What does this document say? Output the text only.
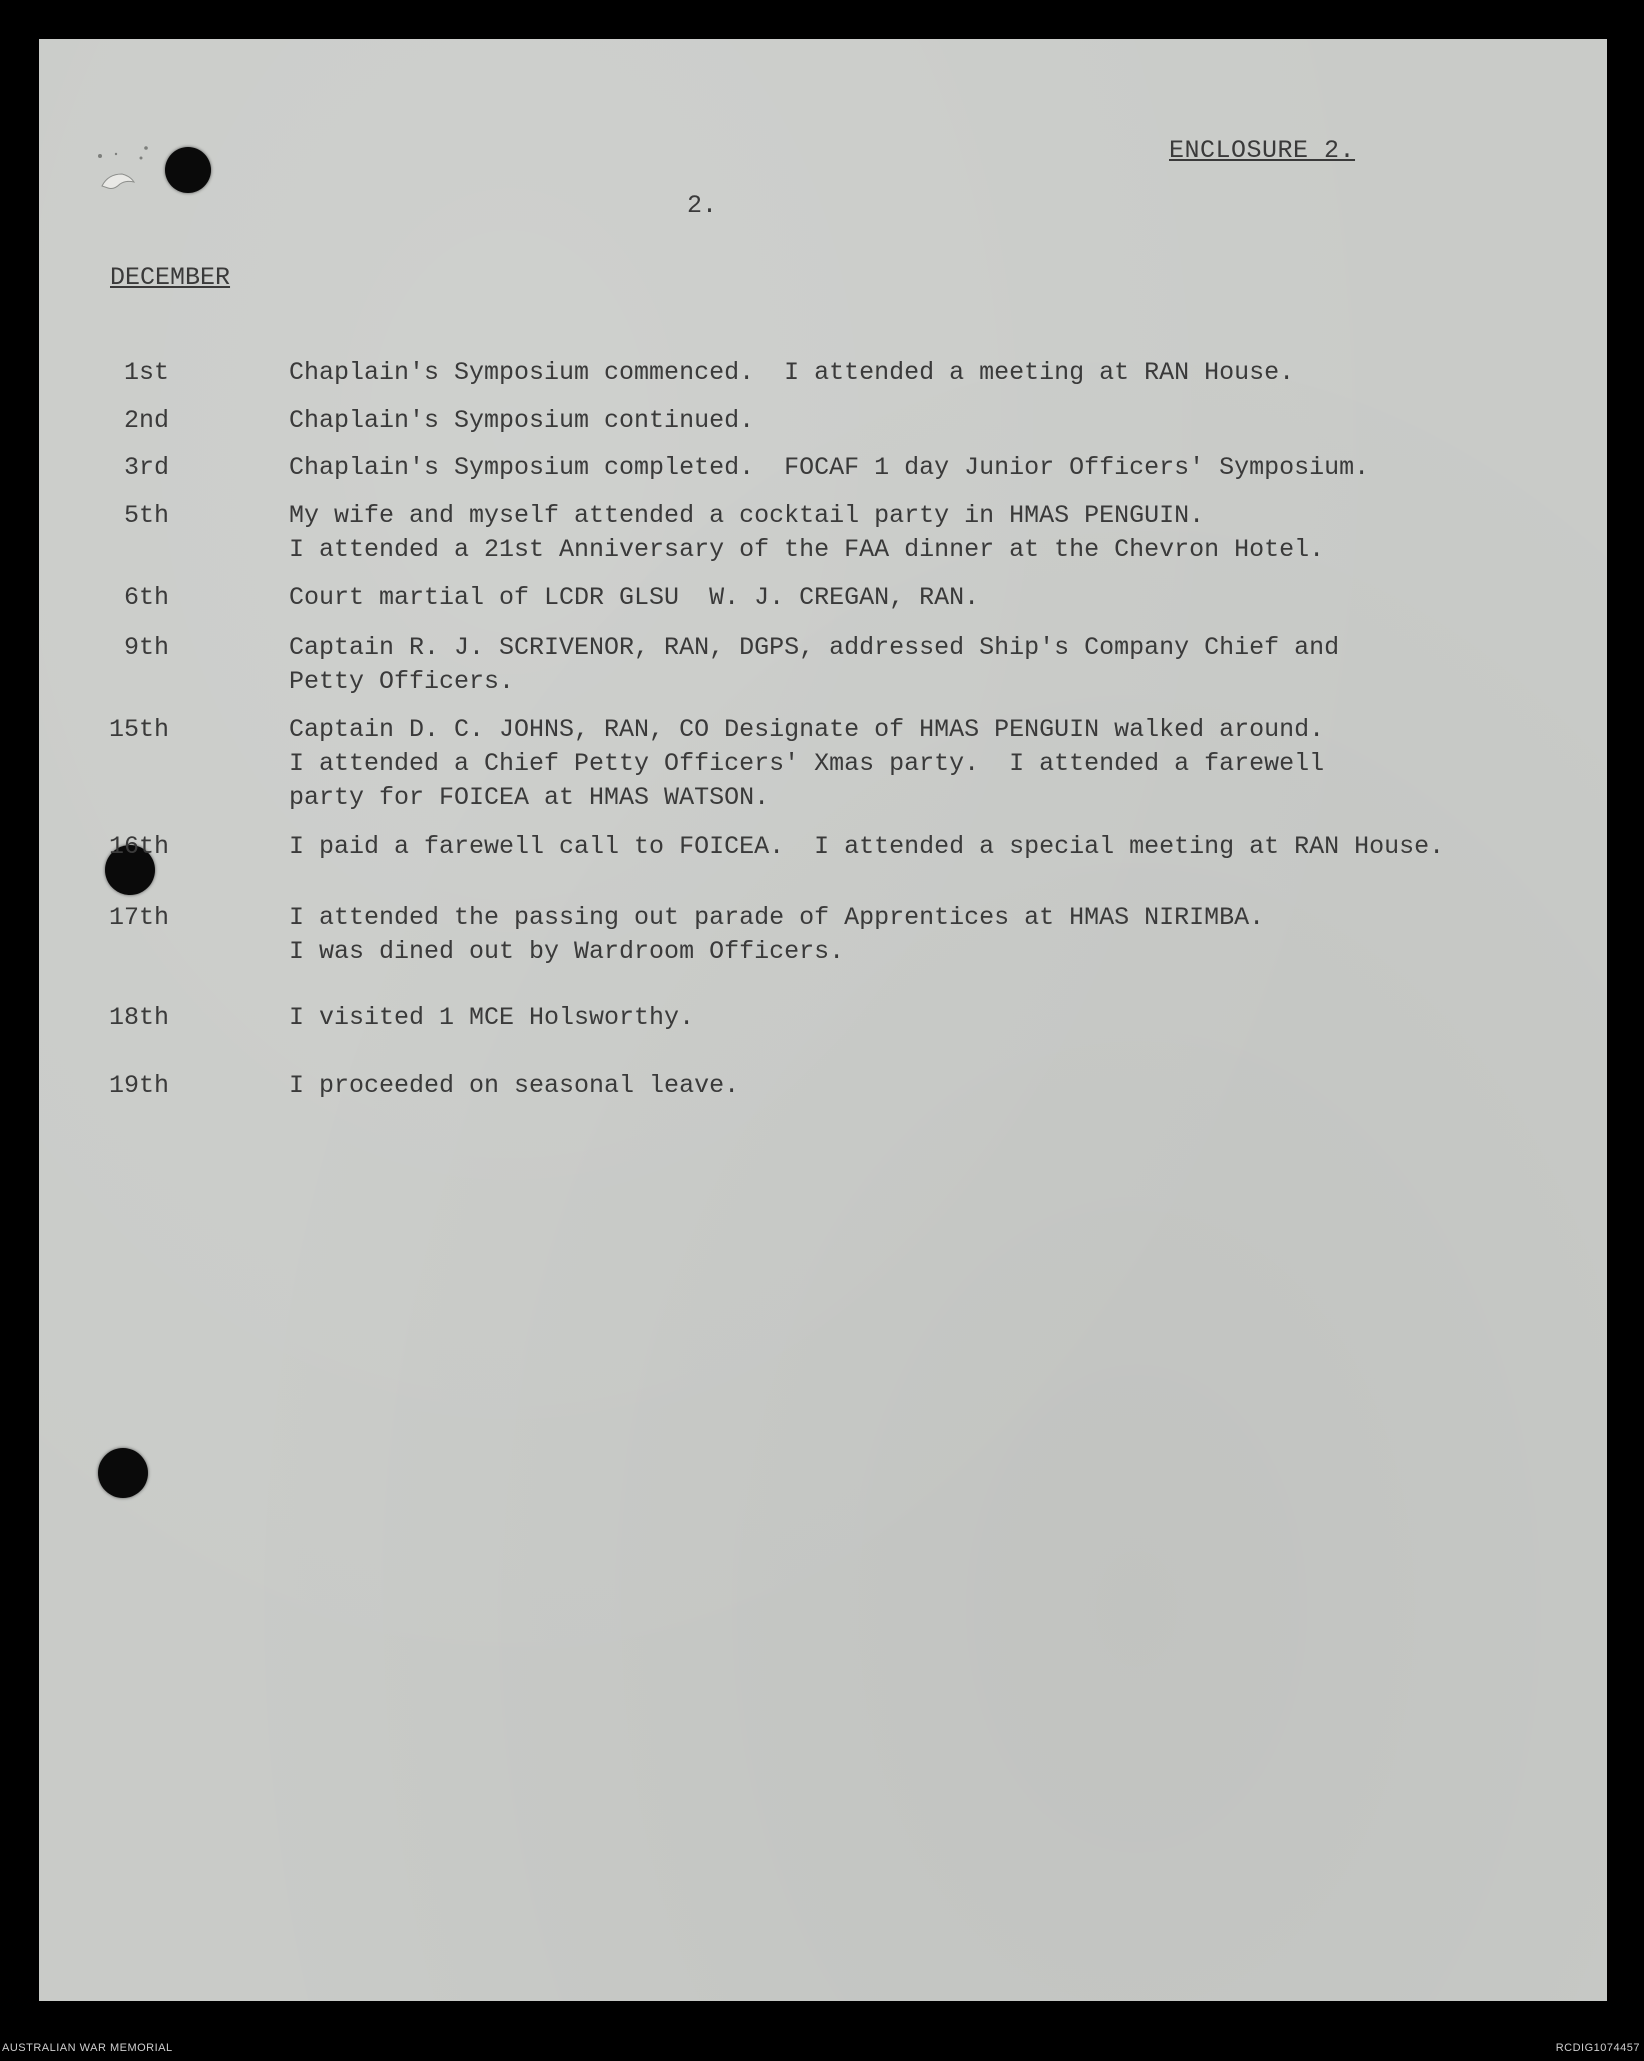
ENCLOSURE 2.
2.
DECEMBER
1st	Chaplain's Symposium commenced.  I attended a meeting at RAN House.
2nd	Chaplain's Symposium continued.
3rd	Chaplain's Symposium completed.  FOCAF 1 day Junior Officers' Symposium.
5th	My wife and myself attended a cocktail party in HMAS PENGUIN.
I attended a 21st Anniversary of the FAA dinner at the Chevron Hotel.
6th	Court martial of LCDR GLSU  W. J. CREGAN, RAN.
9th	Captain R. J. SCRIVENOR, RAN, DGPS, addressed Ship's Company Chief and
Petty Officers.
15th	Captain D. C. JOHNS, RAN, CO Designate of HMAS PENGUIN walked around.
I attended a Chief Petty Officers' Xmas party.  I attended a farewell
party for FOICEA at HMAS WATSON.
16th	I paid a farewell call to FOICEA.  I attended a special meeting at RAN House.
17th	I attended the passing out parade of Apprentices at HMAS NIRIMBA.
I was dined out by Wardroom Officers.
18th	I visited 1 MCE Holsworthy.
19th	I proceeded on seasonal leave.
AUSTRALIAN WAR MEMORIAL	RCDIG1074457
